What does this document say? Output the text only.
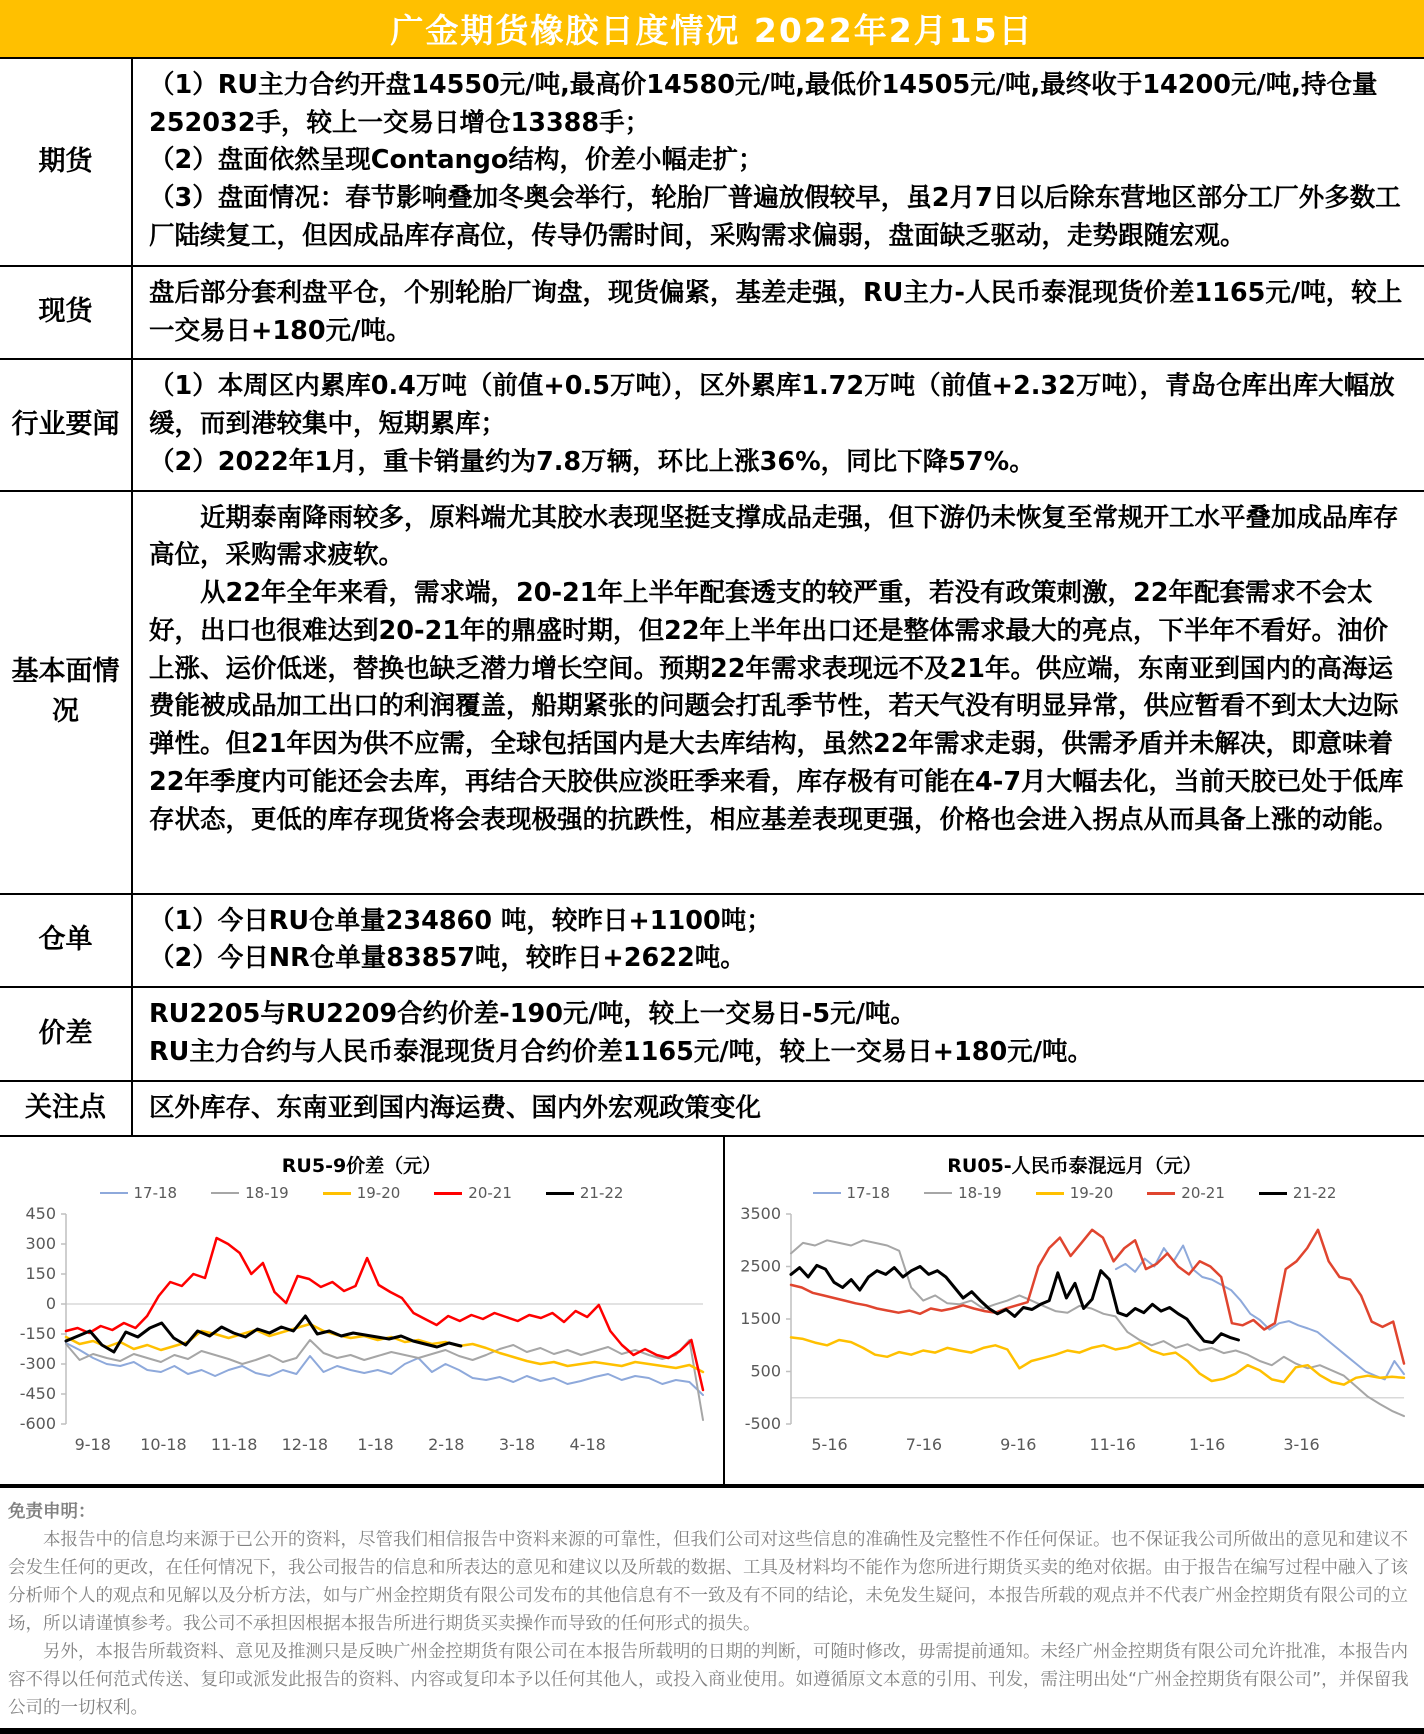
广金期货橡胶日度情况 2022年2月15日
期货

（1）RU主力合约开盘14550元/吨,最高价14580元/吨,最低价14505元/吨,最终收于14200元/吨,持仓量252032手，较上一交易日增仓13388手；

（2）盘面依然呈现Contango结构，价差小幅走扩；

（3）盘面情况：春节影响叠加冬奥会举行，轮胎厂普遍放假较早，虽2月7日以后除东营地区部分工厂外多数工厂陆续复工，但因成品库存高位，传导仍需时间，采购需求偏弱，盘面缺乏驱动，走势跟随宏观。

现货

盘后部分套利盘平仓，个别轮胎厂询盘，现货偏紧，基差走强，RU主力-人民币泰混现货价差1165元/吨，较上一交易日+180元/吨。

行业要闻

（1）本周区内累库0.4万吨（前值+0.5万吨），区外累库1.72万吨（前值+2.32万吨），青岛仓库出库大幅放缓，而到港较集中，短期累库；

（2）2022年1月，重卡销量约为7.8万辆，环比上涨36%，同比下降57%。

基本面情况

近期泰南降雨较多，原料端尤其胶水表现坚挺支撑成品走强，但下游仍未恢复至常规开工水平叠加成品库存高位，采购需求疲软。

从22年全年来看，需求端，20-21年上半年配套透支的较严重，若没有政策刺激，22年配套需求不会太好，出口也很难达到20-21年的鼎盛时期，但22年上半年出口还是整体需求最大的亮点，下半年不看好。油价上涨、运价低迷，替换也缺乏潜力增长空间。预期22年需求表现远不及21年。供应端，东南亚到国内的高海运费能被成品加工出口的利润覆盖，船期紧张的问题会打乱季节性，若天气没有明显异常，供应暂看不到太大边际弹性。但21年因为供不应需，全球包括国内是大去库结构，虽然22年需求走弱，供需矛盾并未解决，即意味着22年季度内可能还会去库，再结合天胶供应淡旺季来看，库存极有可能在4-7月大幅去化，当前天胶已处于低库存状态，更低的库存现货将会表现极强的抗跌性，相应基差表现更强，价格也会进入拐点从而具备上涨的动能。

仓单

（1）今日RU仓单量234860 吨，较昨日+1100吨；

（2）今日NR仓单量83857吨，较昨日+2622吨。

价差

RU2205与RU2209合约价差-190元/吨，较上一交易日-5元/吨。

RU主力合约与人民币泰混现货月合约价差1165元/吨，较上一交易日+180元/吨。

关注点	区外库存、东南亚到国内海运费、国内外宏观政策变化

RU5-9价差（元）
17-18	18-19	19-20	20-21	21-22
450
300
150
0
-150
-300
-450
-600
9-18 10-18 11-18 12-18 1-18 2-18 3-18 4-18
RU05-人民币泰混远月（元）
17-18	18-19	19-20	20-21	21-22
3500
2500
1500
500
-500
5-16	7-16	9-16	11-16	1-16	3-16

免责申明：

本报告中的信息均来源于已公开的资料，尽管我们相信报告中资料来源的可靠性，但我们公司对这些信息的准确性及完整性不作任何保证。也不保证我公司所做出的意见和建议不会发生任何的更改，在任何情况下，我公司报告的信息和所表达的意见和建议以及所载的数据、工具及材料均不能作为您所进行期货买卖的绝对依据。由于报告在编写过程中融入了该分析师个人的观点和见解以及分析方法，如与广州金控期货有限公司发布的其他信息有不一致及有不同的结论，未免发生疑问，本报告所载的观点并不代表广州金控期货有限公司的立场，所以请谨慎参考。我公司不承担因根据本报告所进行期货买卖操作而导致的任何形式的损失。

另外，本报告所载资料、意见及推测只是反映广州金控期货有限公司在本报告所载明的日期的判断，可随时修改，毋需提前通知。未经广州金控期货有限公司允许批准，本报告内容不得以任何范式传送、复印或派发此报告的资料、内容或复印本予以任何其他人，或投入商业使用。如遵循原文本意的引用、刊发，需注明出处“广州金控期货有限公司”，并保留我公司的一切权利。
